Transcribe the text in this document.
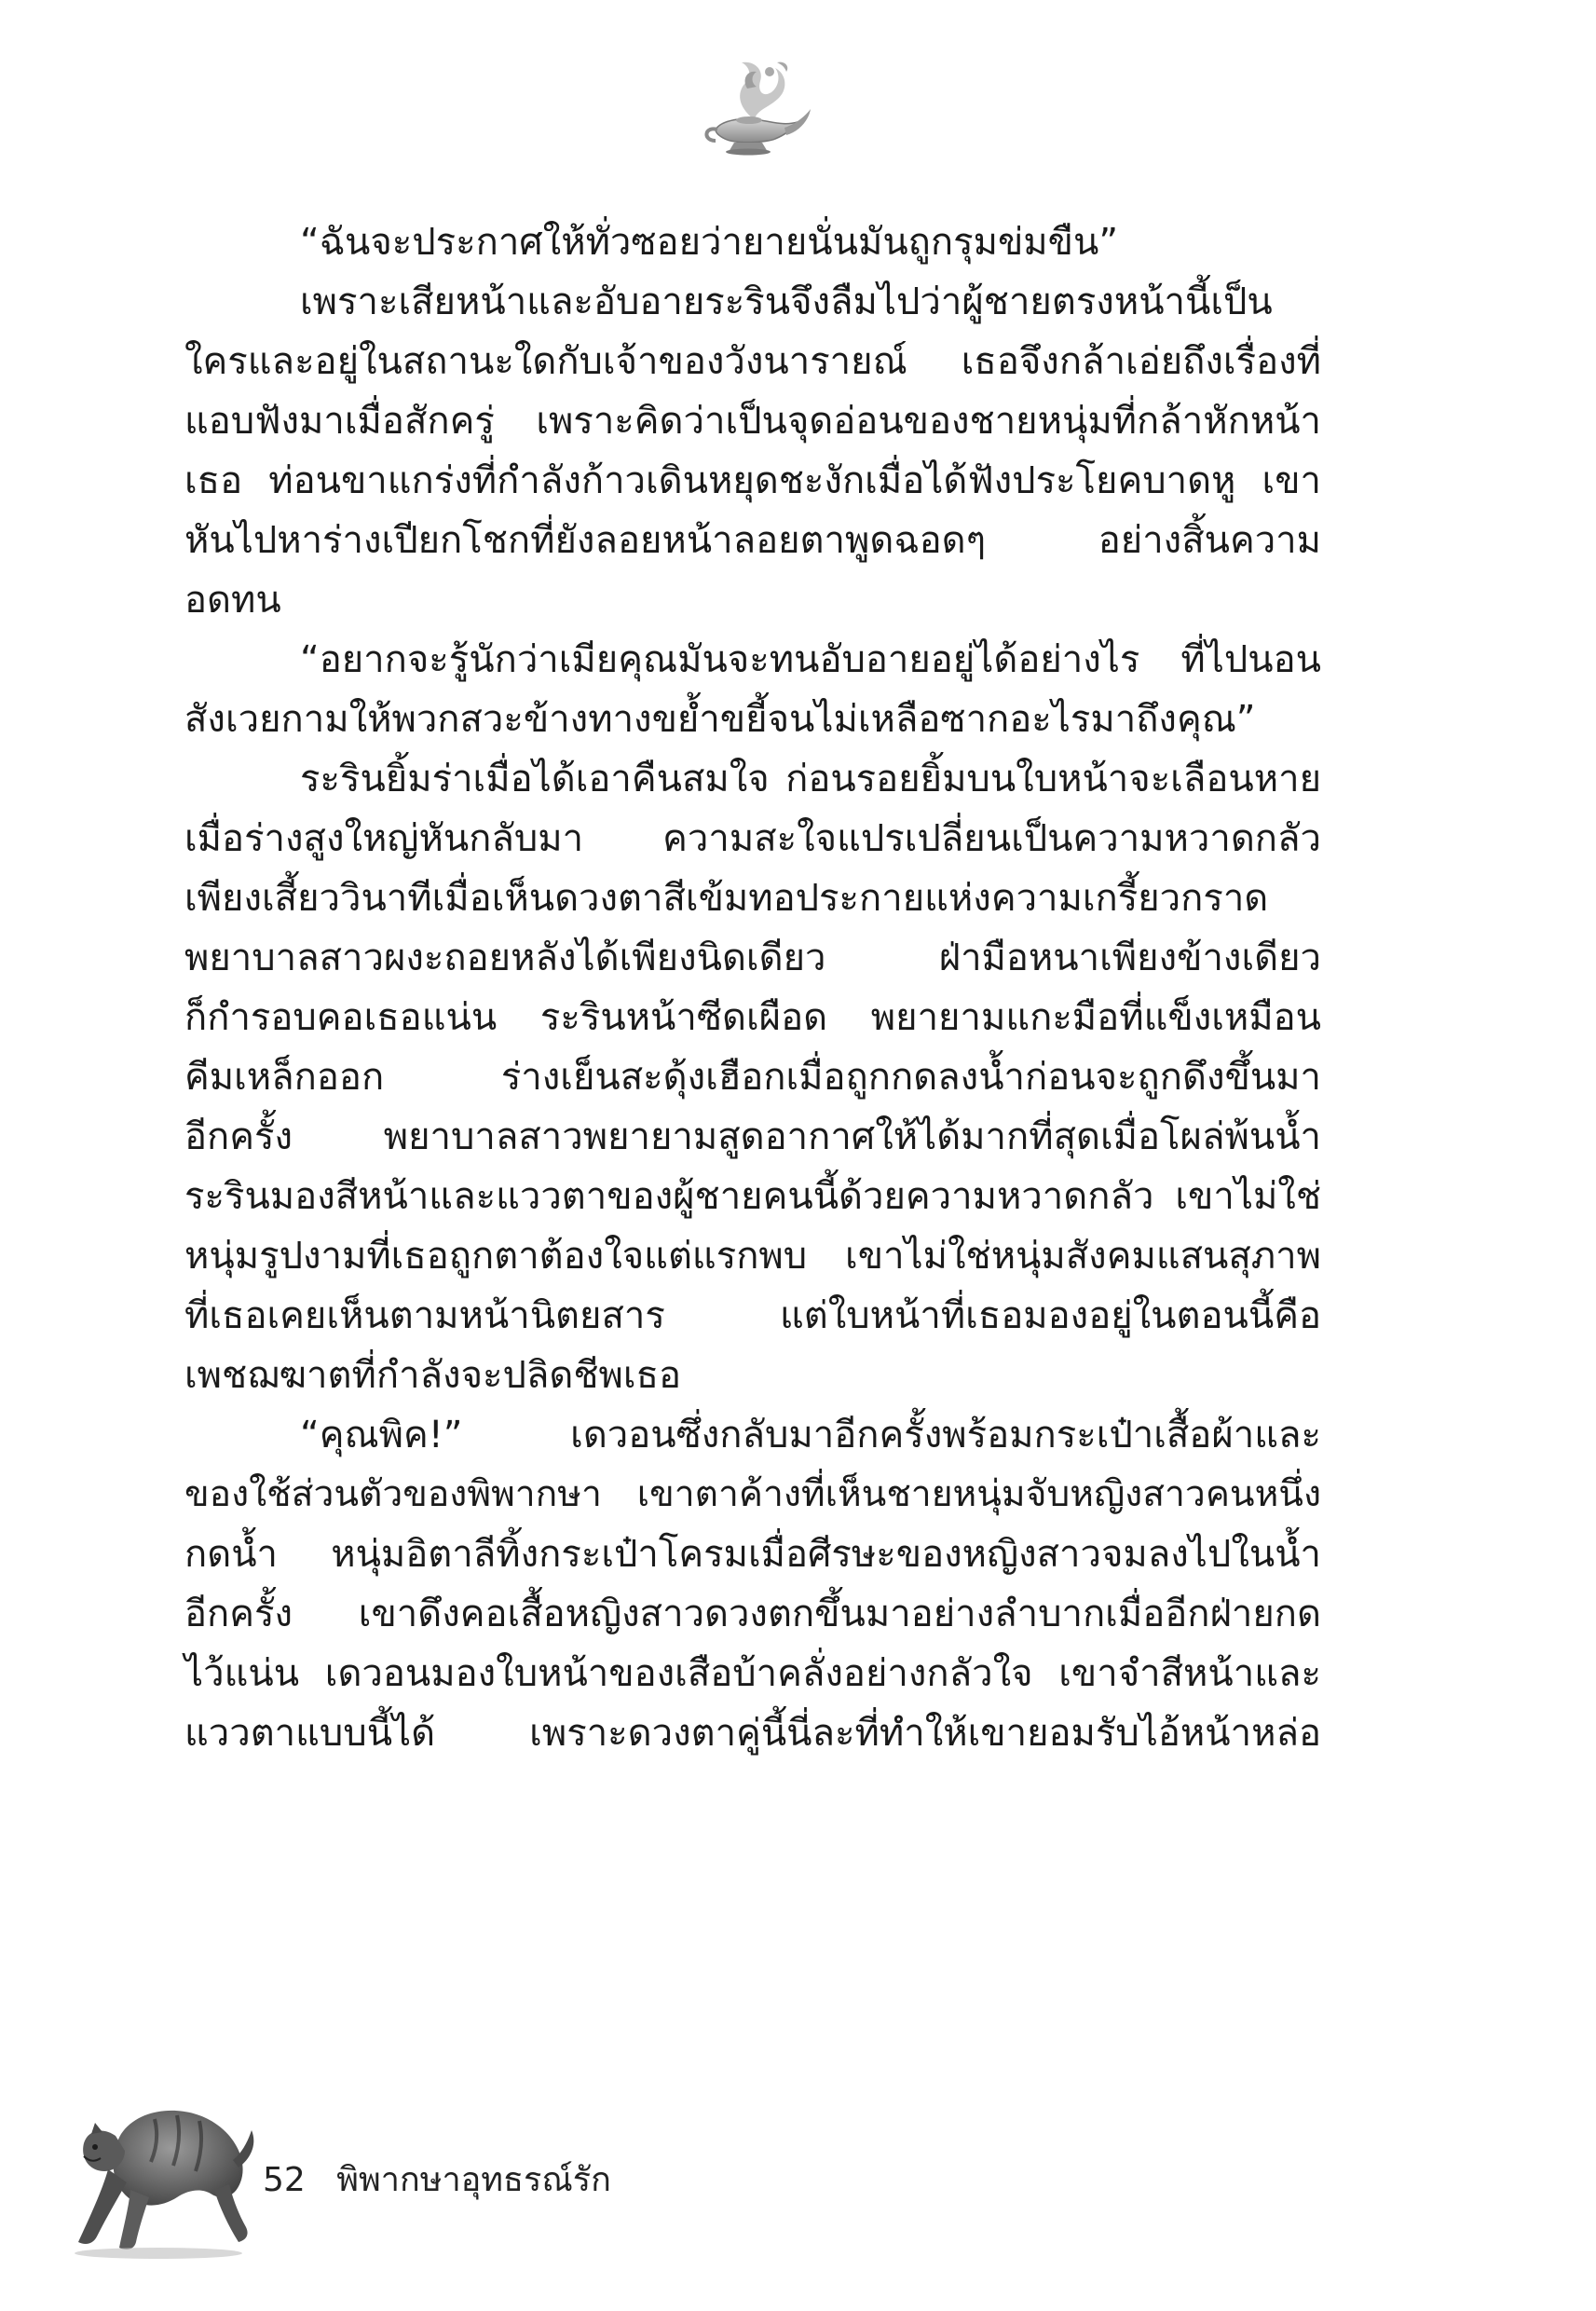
“ฉันจะประกาศให้ทั่วซอยว่ายายนั่นมันถูกรุมข่มขืน”
เพราะเสียหน้าและอับอายระรินจึงลืมไปว่าผู้ชายตรงหน้านี้เป็น
ใครและอยู่ในสถานะใดกับเจ้าของวังนารายณ์ เธอจึงกล้าเอ่ยถึงเรื่องที่
แอบฟังมาเมื่อสักครู่ เพราะคิดว่าเป็นจุดอ่อนของชายหนุ่มที่กล้าหักหน้า
เธอ ท่อนขาแกร่งที่กำลังก้าวเดินหยุดชะงักเมื่อได้ฟังประโยคบาดหู เขา
หันไปหาร่างเปียกโชกที่ยังลอยหน้าลอยตาพูดฉอดๆ อย่างสิ้นความ
อดทน
“อยากจะรู้นักว่าเมียคุณมันจะทนอับอายอยู่ได้อย่างไร ที่ไปนอน
สังเวยกามให้พวกสวะข้างทางขย้ำขยี้จนไม่เหลือซากอะไรมาถึงคุณ”
ระรินยิ้มร่าเมื่อได้เอาคืนสมใจ ก่อนรอยยิ้มบนใบหน้าจะเลือนหาย
เมื่อร่างสูงใหญ่หันกลับมา ความสะใจแปรเปลี่ยนเป็นความหวาดกลัว
เพียงเสี้ยววินาทีเมื่อเห็นดวงตาสีเข้มทอประกายแห่งความเกรี้ยวกราด
พยาบาลสาวผงะถอยหลังได้เพียงนิดเดียว ฝ่ามือหนาเพียงข้างเดียว
ก็กำรอบคอเธอแน่น ระรินหน้าซีดเผือด พยายามแกะมือที่แข็งเหมือน
คีมเหล็กออก ร่างเย็นสะดุ้งเฮือกเมื่อถูกกดลงน้ำก่อนจะถูกดึงขึ้นมา
อีกครั้ง พยาบาลสาวพยายามสูดอากาศให้ได้มากที่สุดเมื่อโผล่พ้นน้ำ
ระรินมองสีหน้าและแววตาของผู้ชายคนนี้ด้วยความหวาดกลัว เขาไม่ใช่
หนุ่มรูปงามที่เธอถูกตาต้องใจแต่แรกพบ เขาไม่ใช่หนุ่มสังคมแสนสุภาพ
ที่เธอเคยเห็นตามหน้านิตยสาร แต่ใบหน้าที่เธอมองอยู่ในตอนนี้คือ
เพชฌฆาตที่กำลังจะปลิดชีพเธอ
“คุณพิค!” เดวอนซึ่งกลับมาอีกครั้งพร้อมกระเป๋าเสื้อผ้าและ
ของใช้ส่วนตัวของพิพากษา เขาตาค้างที่เห็นชายหนุ่มจับหญิงสาวคนหนึ่ง
กดน้ำ หนุ่มอิตาลีทิ้งกระเป๋าโครมเมื่อศีรษะของหญิงสาวจมลงไปในน้ำ
อีกครั้ง เขาดึงคอเสื้อหญิงสาวดวงตกขึ้นมาอย่างลำบากเมื่ออีกฝ่ายกด
ไว้แน่น เดวอนมองใบหน้าของเสือบ้าคลั่งอย่างกลัวใจ เขาจำสีหน้าและ
แววตาแบบนี้ได้ เพราะดวงตาคู่นี้นี่ละที่ทำให้เขายอมรับไอ้หน้าหล่อ
52 พิพากษาอุทธรณ์รัก
